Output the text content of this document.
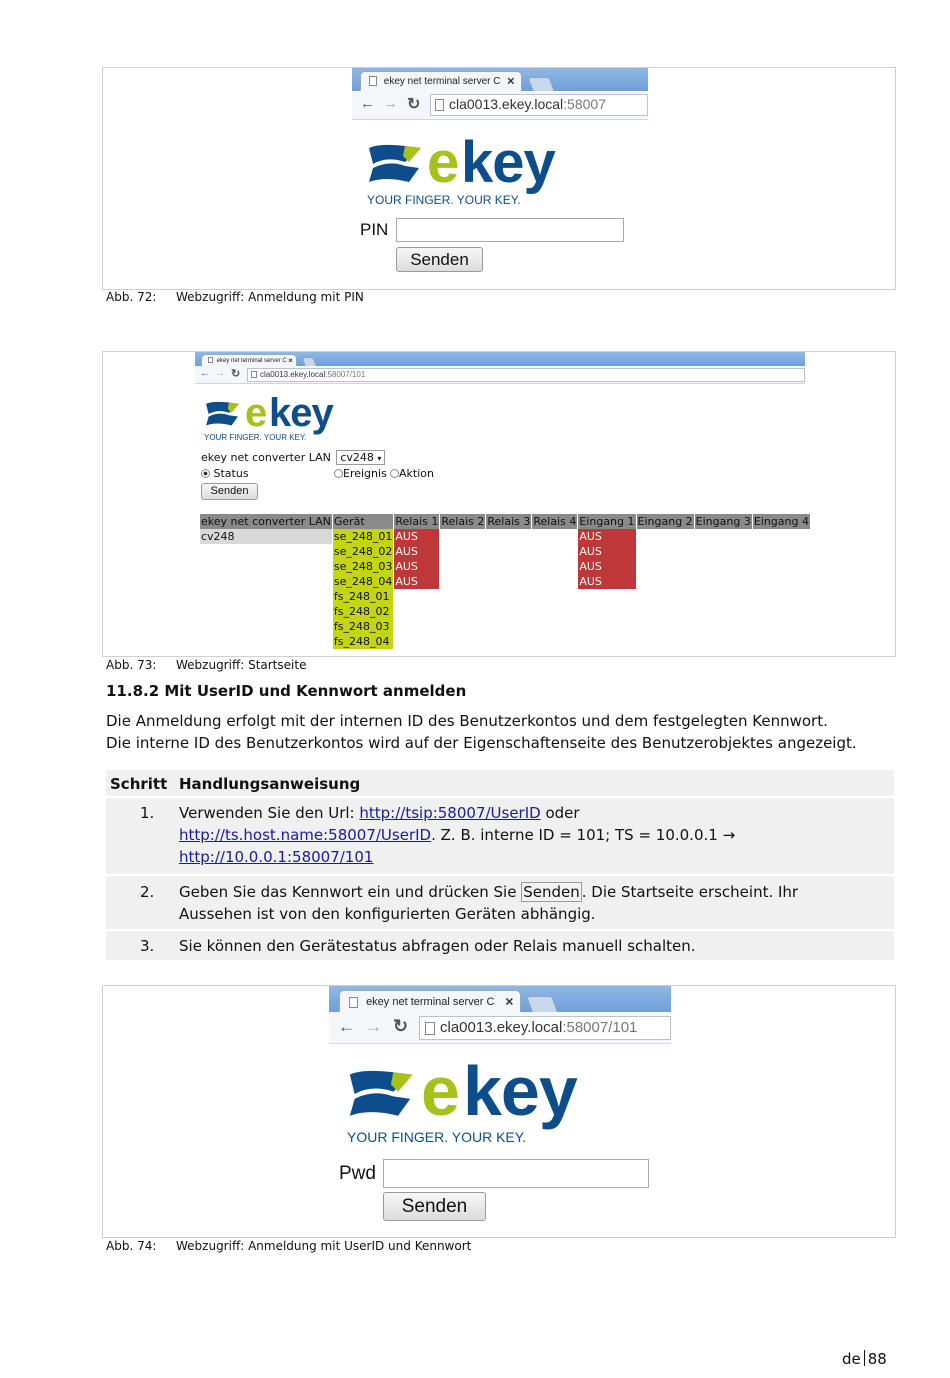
ekey net terminal server C ✕
← → ↻	cla0013.ekey.local:58007
e key
YOUR FINGER. YOUR KEY.
PIN
Senden
Abb. 72: Webzugriff: Anmeldung mit PIN
ekey net terminal server C ✕
← → ↻	cla0013.ekey.local:58007/101
e key
YOUR FINGER. YOUR KEY.
ekey net converter LAN cv248 ▾
Status	Ereignis	Aktion
Senden
ekey net converter LAN	Gerät	Relais 1	Relais 2	Relais 3	Relais 4	Eingang 1	Eingang 2	Eingang 3	Eingang 4
cv248	se_248_01	AUS				AUS			
	se_248_02	AUS				AUS			
	se_248_03	AUS				AUS			
	se_248_04	AUS				AUS			
	fs_248_01								
	fs_248_02								
	fs_248_03								
	fs_248_04								
Abb. 73: Webzugriff: Startseite
11.8.2 Mit UserID und Kennwort anmelden
Die Anmeldung erfolgt mit der internen ID des Benutzerkontos und dem festgelegten Kennwort.
Die interne ID des Benutzerkontos wird auf der Eigenschaftenseite des Benutzerobjektes angezeigt.
Schritt Handlungsanweisung
1. Verwenden Sie den Url: http://tsip:58007/UserID oder
http://ts.host.name:58007/UserID. Z. B. interne ID = 101; TS = 10.0.0.1 →
http://10.0.0.1:58007/101
2. Geben Sie das Kennwort ein und drücken Sie Senden . Die Startseite erscheint. Ihr
Aussehen ist von den konfigurierten Geräten abhängig.
3. Sie können den Gerätestatus abfragen oder Relais manuell schalten.
ekey net terminal server C ✕
← → ↻	cla0013.ekey.local:58007/101
e key
YOUR FINGER. YOUR KEY.
Pwd
Senden
Abb. 74: Webzugriff: Anmeldung mit UserID und Kennwort
de 88
